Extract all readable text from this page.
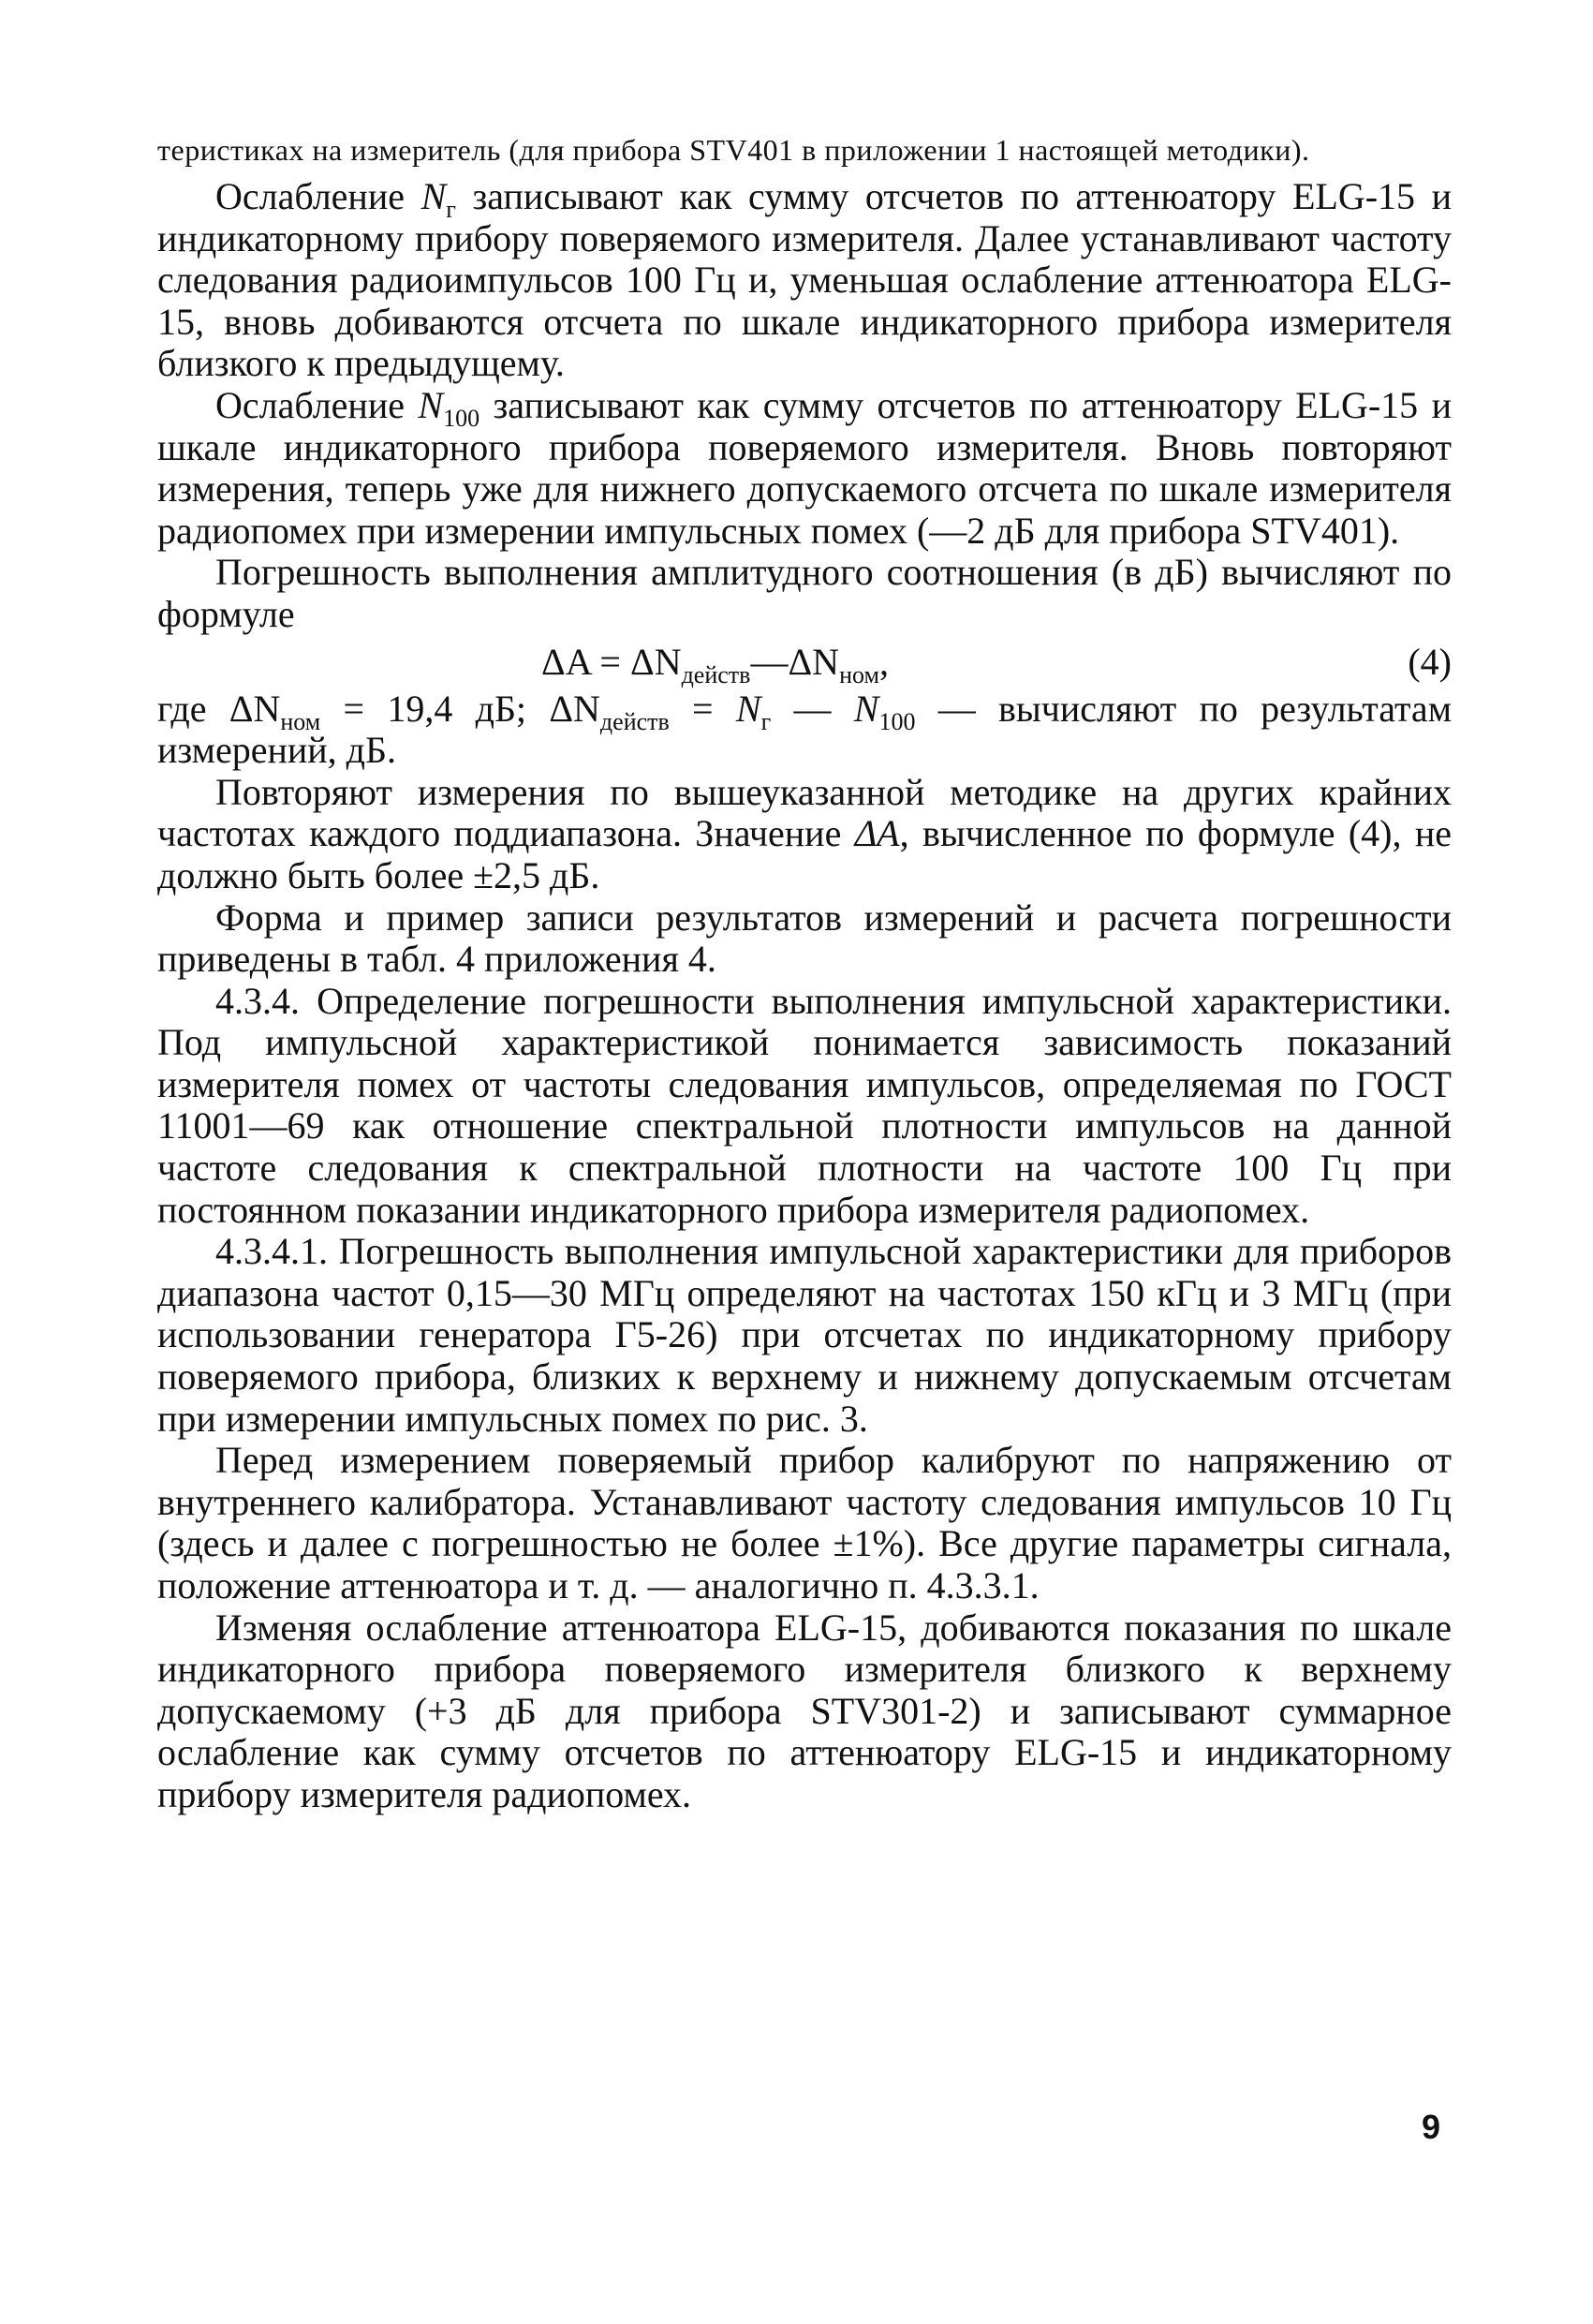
теристиках на измеритель (для прибора STV401 в приложении 1 настоящей методики).

Ослабление $N_г$ записывают как сумму отсчетов по аттенюатору ELG-15 и индикаторному прибору поверяемого измерителя. Далее устанавливают частоту следования радиоимпульсов 100 Гц и, уменьшая ослабление аттенюатора ELG-15, вновь добиваются отсчета по шкале индикаторного прибора измерителя близкого к предыдущему.

Ослабление $N_{100}$ записывают как сумму отсчетов по аттенюатору ELG-15 и шкале индикаторного прибора поверяемого измерителя. Вновь повторяют измерения, теперь уже для нижнего допускаемого отсчета по шкале измерителя радиопомех при измерении импульсных помех (—2 дБ для прибора STV401).

Погрешность выполнения амплитудного соотношения (в дБ) вычисляют по формуле

$\Delta A = \Delta N_{действ}—\Delta N_{ном}$,	(4)

где $\Delta N_{ном} = 19,4$ дБ; $\Delta N_{действ} = N_г$ — $N_{100}$ — вычисляют по результатам измерений, дБ.

Повторяют измерения по вышеуказанной методике на других крайних частотах каждого поддиапазона. Значение ΔA, вычисленное по формуле (4), не должно быть более ±2,5 дБ.

Форма и пример записи результатов измерений и расчета погрешности приведены в табл. 4 приложения 4.

4.3.4. Определение погрешности выполнения импульсной характеристики. Под импульсной характеристикой понимается зависимость показаний измерителя помех от частоты следования импульсов, определяемая по ГОСТ 11001—69 как отношение спектральной плотности импульсов на данной частоте следования к спектральной плотности на частоте 100 Гц при постоянном показании индикаторного прибора измерителя радиопомех.

4.3.4.1. Погрешность выполнения импульсной характеристики для приборов диапазона частот 0,15—30 МГц определяют на частотах 150 кГц и 3 МГц (при использовании генератора Г5-26) при отсчетах по индикаторному прибору поверяемого прибора, близких к верхнему и нижнему допускаемым отсчетам при измерении импульсных помех по рис. 3.

Перед измерением поверяемый прибор калибруют по напряжению от внутреннего калибратора. Устанавливают частоту следования импульсов 10 Гц (здесь и далее с погрешностью не более ±1%). Все другие параметры сигнала, положение аттенюатора и т. д. — аналогично п. 4.3.3.1.

Изменяя ослабление аттенюатора ELG-15, добиваются показания по шкале индикаторного прибора поверяемого измерителя близкого к верхнему допускаемому (+3 дБ для прибора STV301-2) и записывают суммарное ослабление как сумму отсчетов по аттенюатору ELG-15 и индикаторному прибору измерителя радиопомех.

9
